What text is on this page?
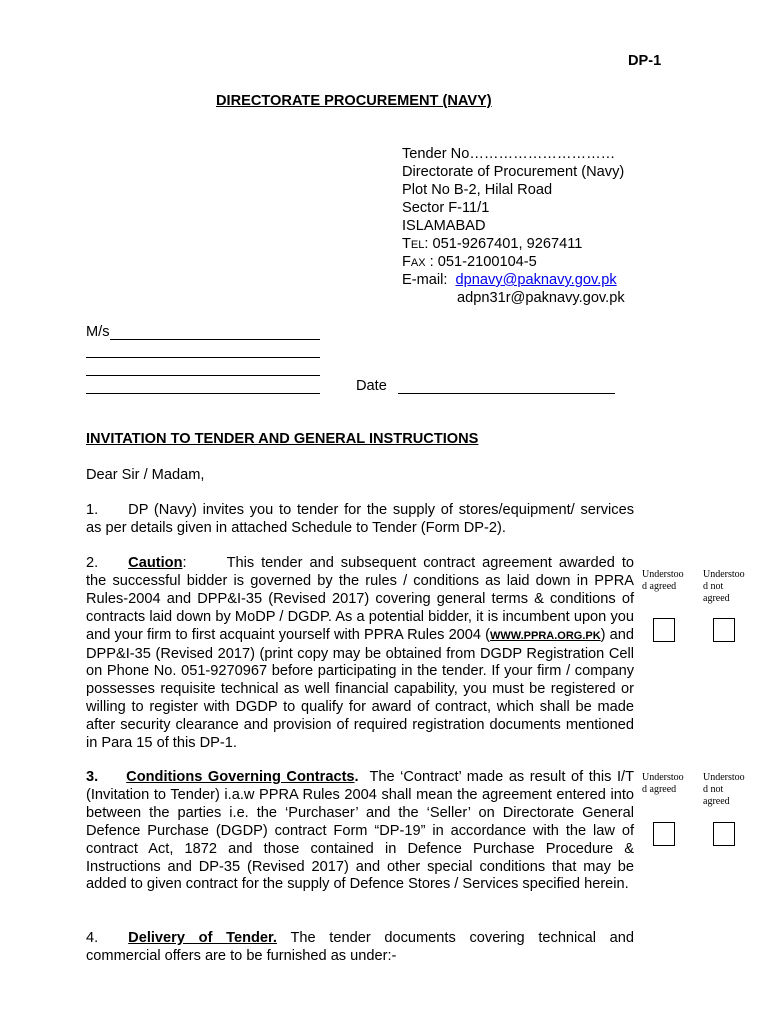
DP-1
DIRECTORATE PROCUREMENT (NAVY)
Tender No…………………………
Directorate of Procurement (Navy)
Plot No B-2, Hilal Road
Sector F-11/1
ISLAMABAD
TEL: 051-9267401, 9267411
FAX : 051-2100104-5
E-mail: dpnavy@paknavy.gov.pk
adpn31r@paknavy.gov.pk
M/s
Date
INVITATION TO TENDER AND GENERAL INSTRUCTIONS
Dear Sir / Madam,

1. DP (Navy) invites you to tender for the supply of stores/equipment/ services as per details given in attached Schedule to Tender (Form DP-2).

2. Caution:	This tender and subsequent contract agreement awarded to the successful bidder is governed by the rules / conditions as laid down in PPRA Rules-2004 and DPP&I-35 (Revised 2017) covering general terms & conditions of contracts laid down by MoDP / DGDP. As a potential bidder, it is incumbent upon you and your firm to first acquaint yourself with PPRA Rules 2004 (WWW.PPRA.ORG.PK) and DPP&I-35 (Revised 2017) (print copy may be obtained from DGDP Registration Cell on Phone No. 051-9270967 before participating in the tender. If your firm / company possesses requisite technical as well financial capability, you must be registered or willing to register with DGDP to qualify for award of contract, which shall be made after security clearance and provision of required registration documents mentioned in Para 15 of this DP-1.

Understoo
d agreed
Understoo
d not
agreed

3. Conditions Governing Contracts. The ‘Contract’ made as result of this I/T (Invitation to Tender) i.a.w PPRA Rules 2004 shall mean the agreement entered into between the parties i.e. the ‘Purchaser’ and the ‘Seller’ on Directorate General Defence Purchase (DGDP) contract Form “DP-19” in accordance with the law of contract Act, 1872 and those contained in Defence Purchase Procedure & Instructions and DP-35 (Revised 2017) and other special conditions that may be added to given contract for the supply of Defence Stores / Services specified herein.

Understoo
d agreed
Understoo
d not
agreed

4. Delivery of Tender. The tender documents covering technical and commercial offers are to be furnished as under:-
